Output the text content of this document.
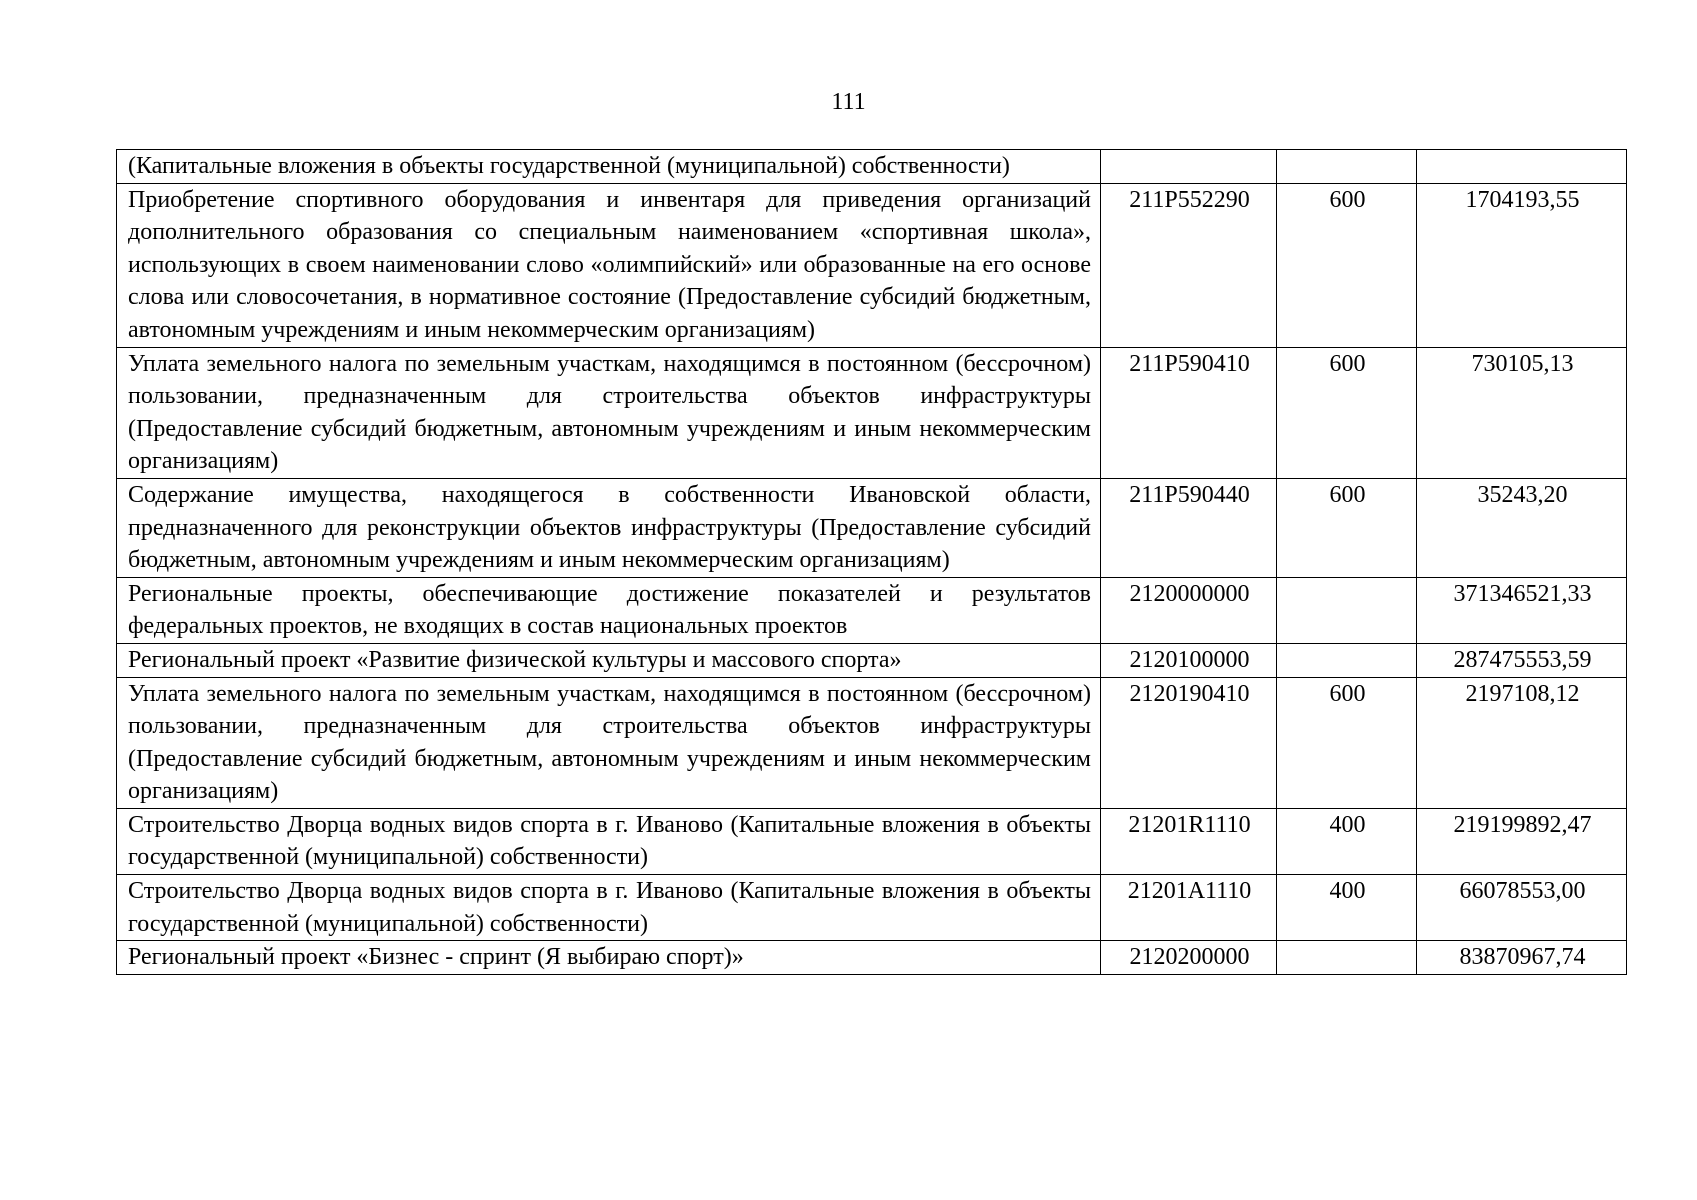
111
(Капитальные вложения в объекты государственной (муниципальной) собственности)			
Приобретение спортивного оборудования и инвентаря для приведения организаций дополнительного образования со специальным наименованием «спортивная школа», использующих в своем наименовании слово «олимпийский» или образованные на его основе слова или словосочетания, в нормативное состояние (Предоставление субсидий бюджетным, автономным учреждениям и иным некоммерческим организациям)	211Р552290	600	1704193,55
Уплата земельного налога по земельным участкам, находящимся в постоянном (бессрочном) пользовании, предназначенным для строительства объектов инфраструктуры (Предоставление субсидий бюджетным, автономным учреждениям и иным некоммерческим организациям)	211Р590410	600	730105,13
Содержание имущества, находящегося в собственности Ивановской области, предназначенного для реконструкции объектов инфраструктуры (Предоставление субсидий бюджетным, автономным учреждениям и иным некоммерческим организациям)	211Р590440	600	35243,20
Региональные проекты, обеспечивающие достижение показателей и результатов федеральных проектов, не входящих в состав национальных проектов	2120000000		371346521,33
Региональный проект «Развитие физической культуры и массового спорта»	2120100000		287475553,59
Уплата земельного налога по земельным участкам, находящимся в постоянном (бессрочном) пользовании, предназначенным для строительства объектов инфраструктуры (Предоставление субсидий бюджетным, автономным учреждениям и иным некоммерческим организациям)	2120190410	600	2197108,12
Строительство Дворца водных видов спорта в г. Иваново (Капитальные вложения в объекты государственной (муниципальной) собственности)	21201R1110	400	219199892,47
Строительство Дворца водных видов спорта в г. Иваново (Капитальные вложения в объекты государственной (муниципальной) собственности)	21201A1110	400	66078553,00
Региональный проект «Бизнес - спринт (Я выбираю спорт)»	2120200000		83870967,74
